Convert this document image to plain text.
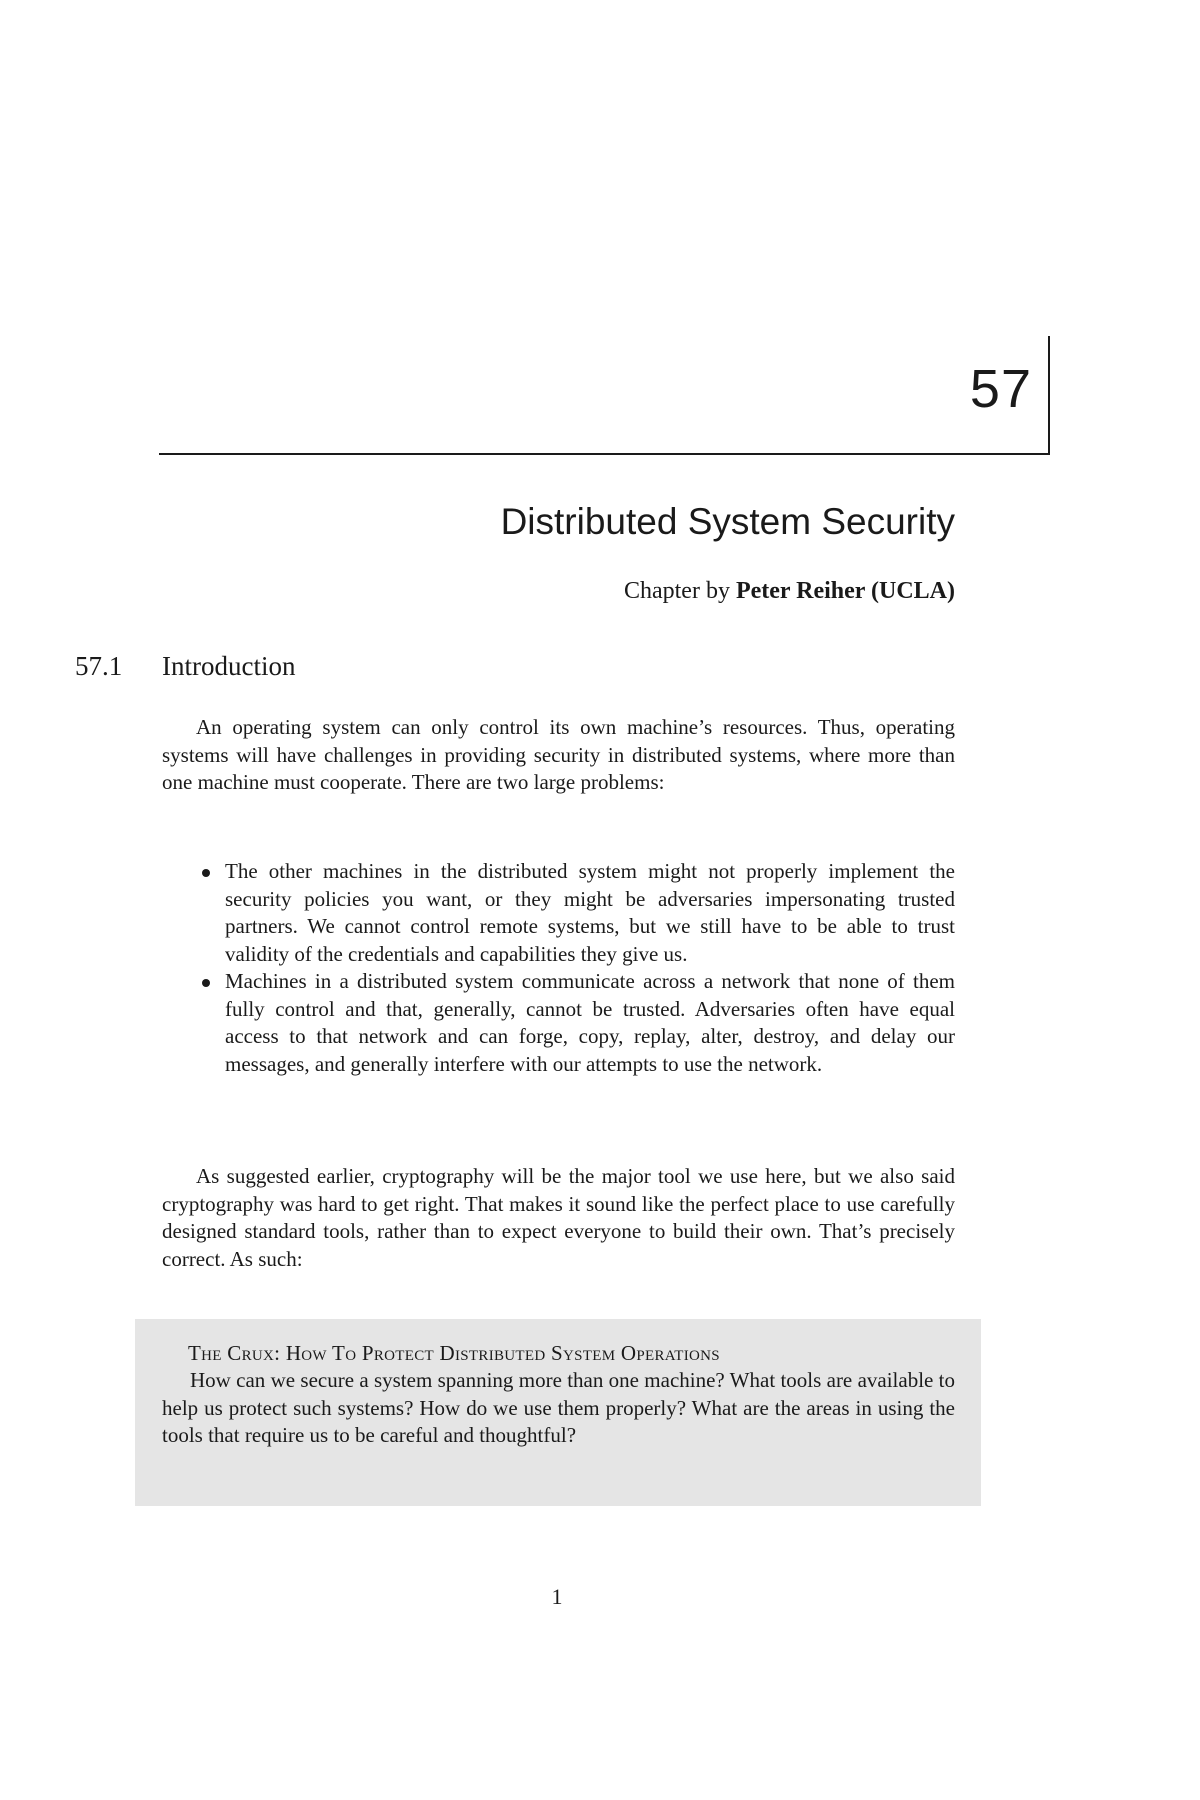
57
Distributed System Security
Chapter by Peter Reiher (UCLA)
57.1 Introduction

An operating system can only control its own machine’s resources. Thus, operating systems will have challenges in providing security in distributed systems, where more than one machine must cooperate. There are two large problems:

The other machines in the distributed system might not properly implement the security policies you want, or they might be adversaries impersonating trusted partners. We cannot control remote systems, but we still have to be able to trust validity of the credentials and capabilities they give us.
Machines in a distributed system communicate across a network that none of them fully control and that, generally, cannot be trusted. Adversaries often have equal access to that network and can forge, copy, replay, alter, destroy, and delay our messages, and generally interfere with our attempts to use the network.

As suggested earlier, cryptography will be the major tool we use here, but we also said cryptography was hard to get right. That makes it sound like the perfect place to use carefully designed standard tools, rather than to expect everyone to build their own. That’s precisely correct. As such:

The Crux: How To Protect Distributed System Operations

How can we secure a system spanning more than one machine? What tools are available to help us protect such systems? How do we use them properly? What are the areas in using the tools that require us to be careful and thoughtful?

1
